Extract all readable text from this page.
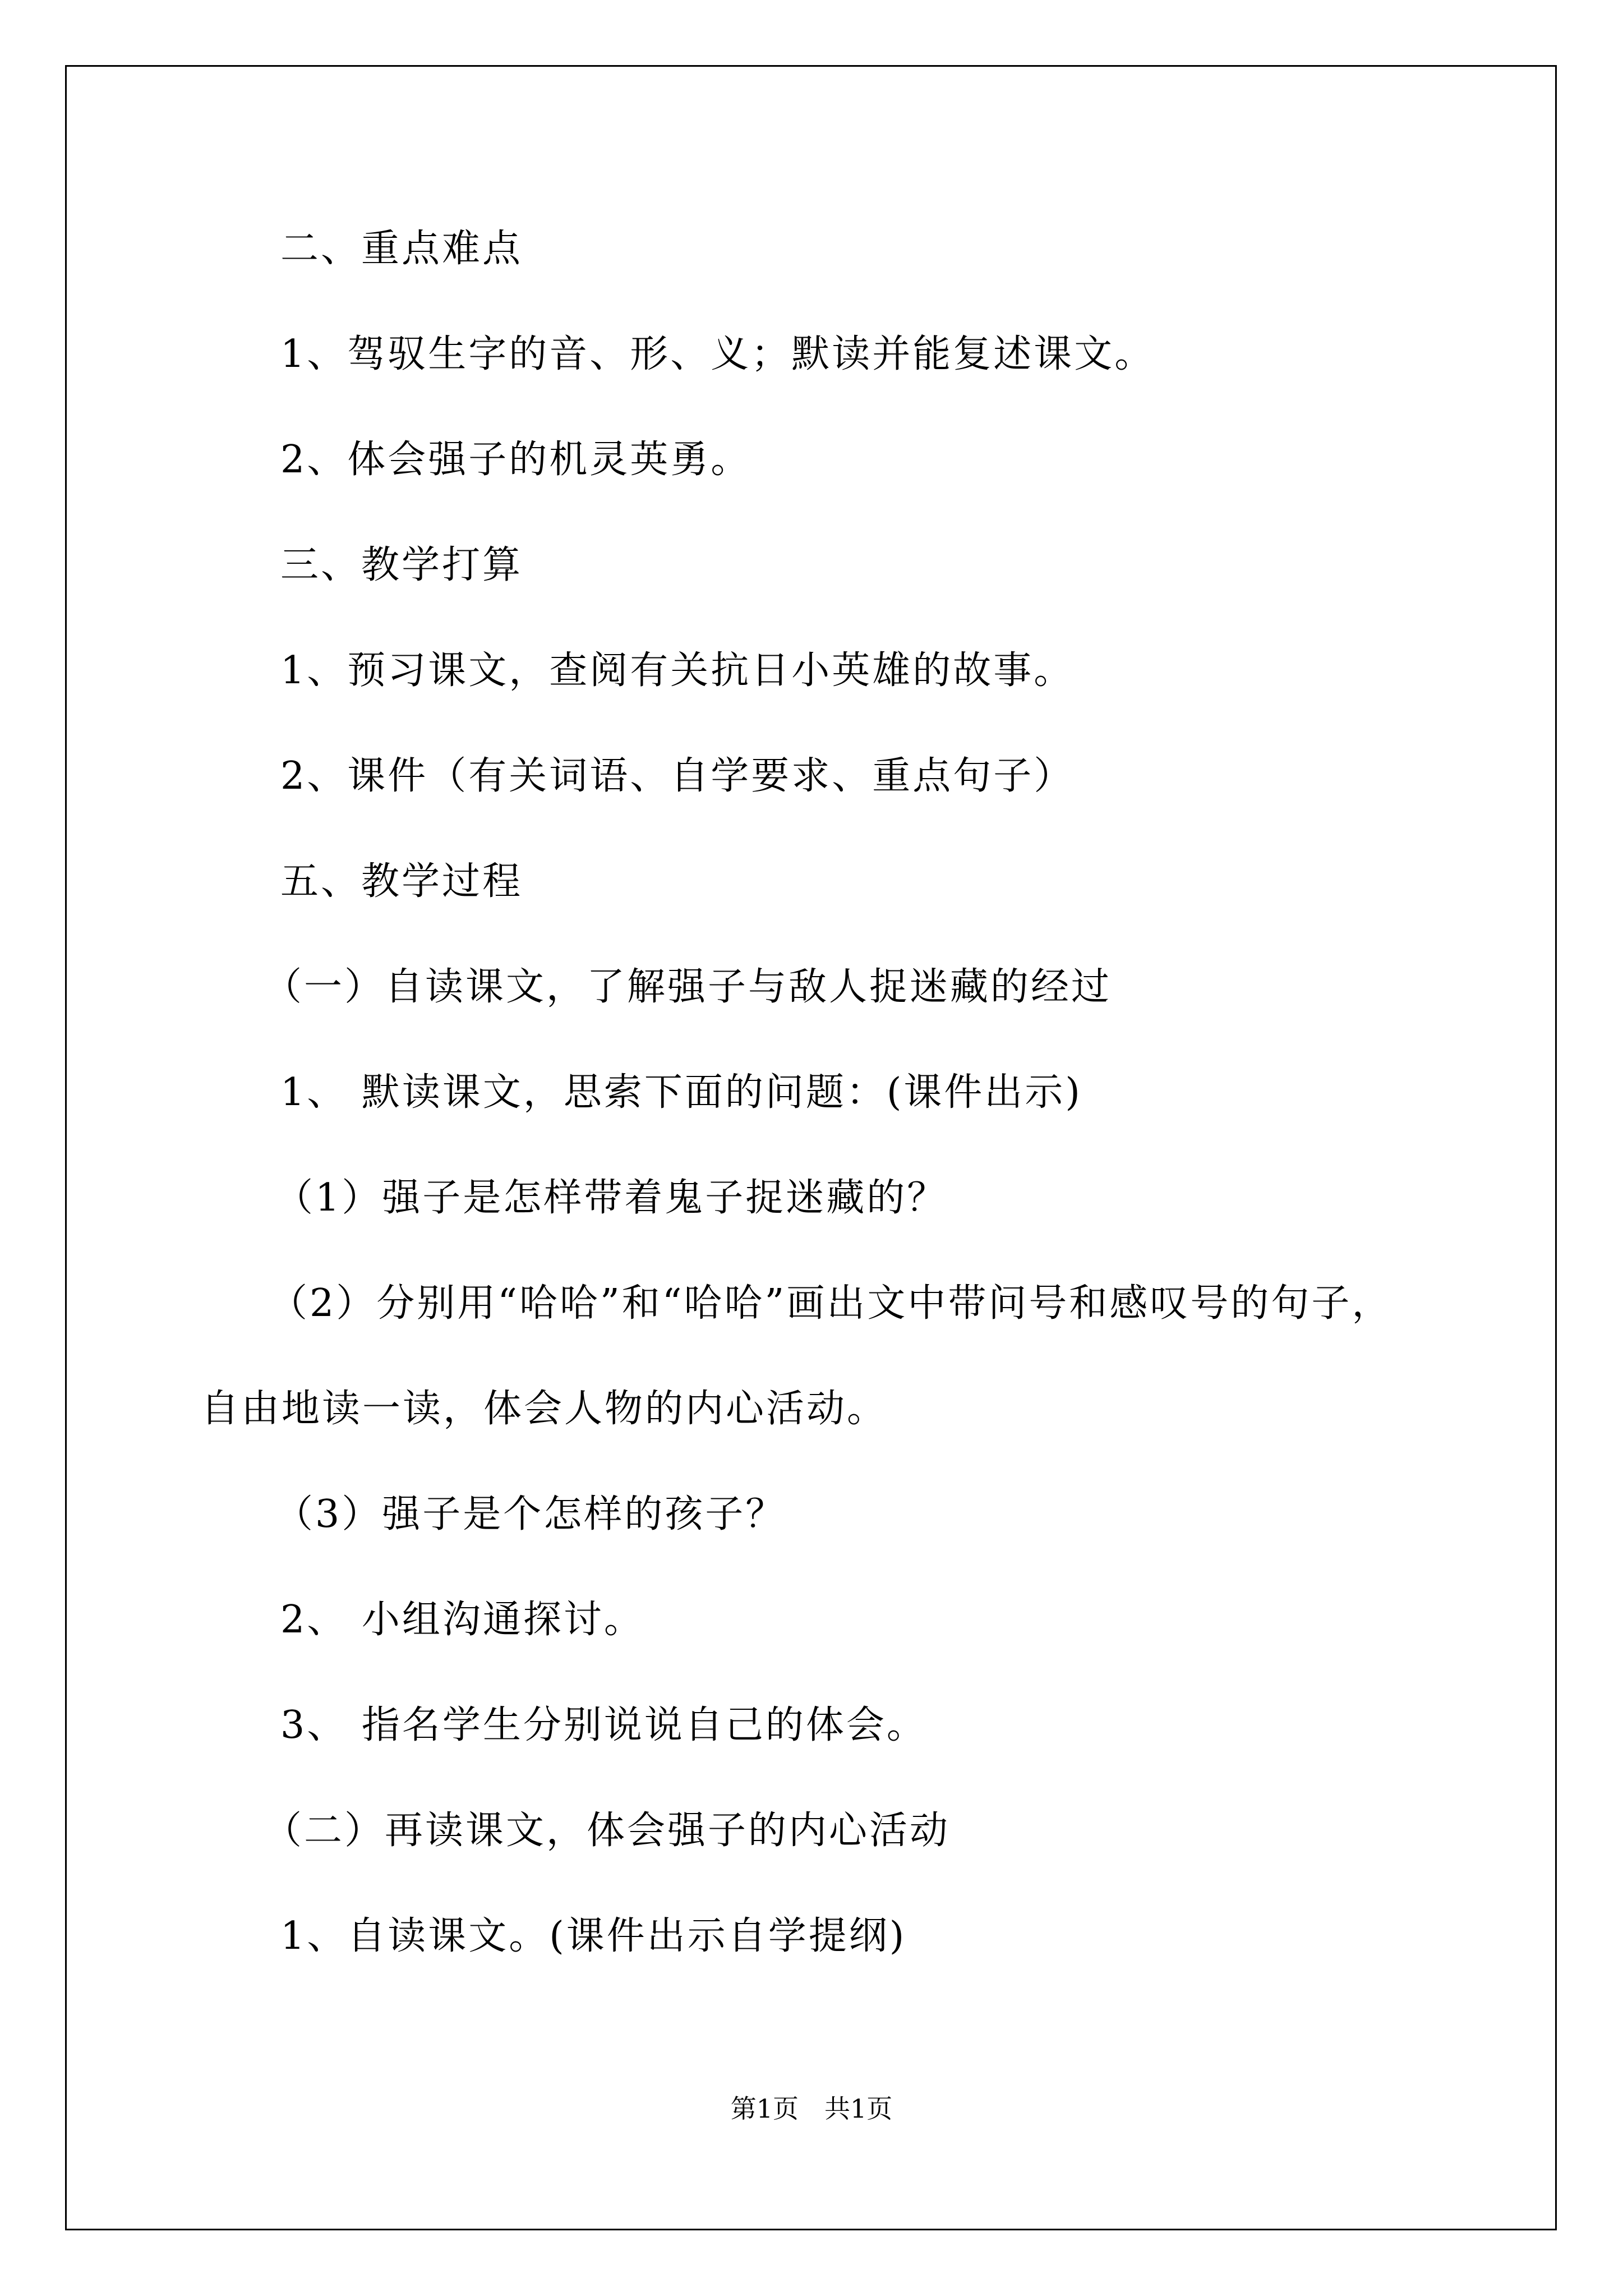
二、重点难点
1、驾驭生字的音、形、义；默读并能复述课文。
2、体会强子的机灵英勇。
三、教学打算
1、预习课文，查阅有关抗日小英雄的故事。
2、课件（有关词语、自学要求、重点句子）
五、教学过程
（一）自读课文，了解强子与敌人捉迷藏的经过
1、 默读课文，思索下面的问题：(课件出示)
（1）强子是怎样带着鬼子捉迷藏的？
（2）分别用“哈哈”和“哈哈”画出文中带问号和感叹号的句子，
自由地读一读，体会人物的内心活动。
（3）强子是个怎样的孩子？
2、 小组沟通探讨。
3、 指名学生分别说说自己的体会。
（二）再读课文，体会强子的内心活动
1、自读课文。(课件出示自学提纲)
第1页　共1页
